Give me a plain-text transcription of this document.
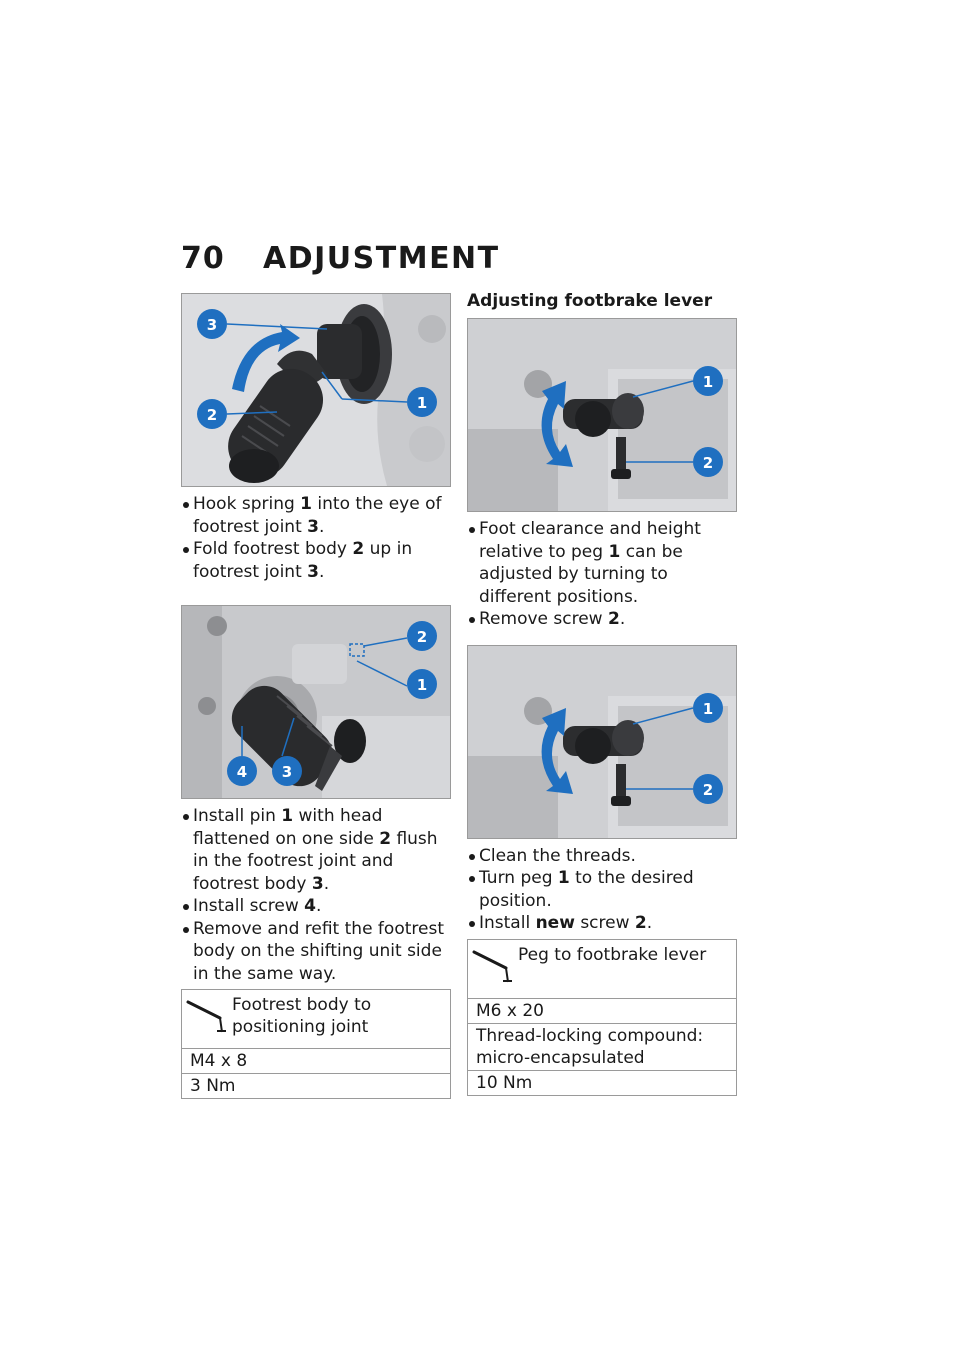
70	ADJUSTMENT
3
2
1
Hook spring 1 into the eye of footrest joint 3.
Fold footrest body 2 up in footrest joint 3.
2
1
4 3
Install pin 1 with head flattened on one side 2 flush in the footrest joint and footrest body 3.
Install screw 4.
Remove and refit the footrest body on the shifting unit side in the same way.
Footrest body to positioning joint
M4 x 8
3 Nm
Adjusting footbrake lever
1
2
Foot clearance and height relative to peg 1 can be adjusted by turning to different positions.
Remove screw 2.
1
2
Clean the threads.
Turn peg 1 to the desired position.
Install new screw 2.
Peg to footbrake lever
M6 x 20
Thread-locking compound: micro-encapsulated
10 Nm
